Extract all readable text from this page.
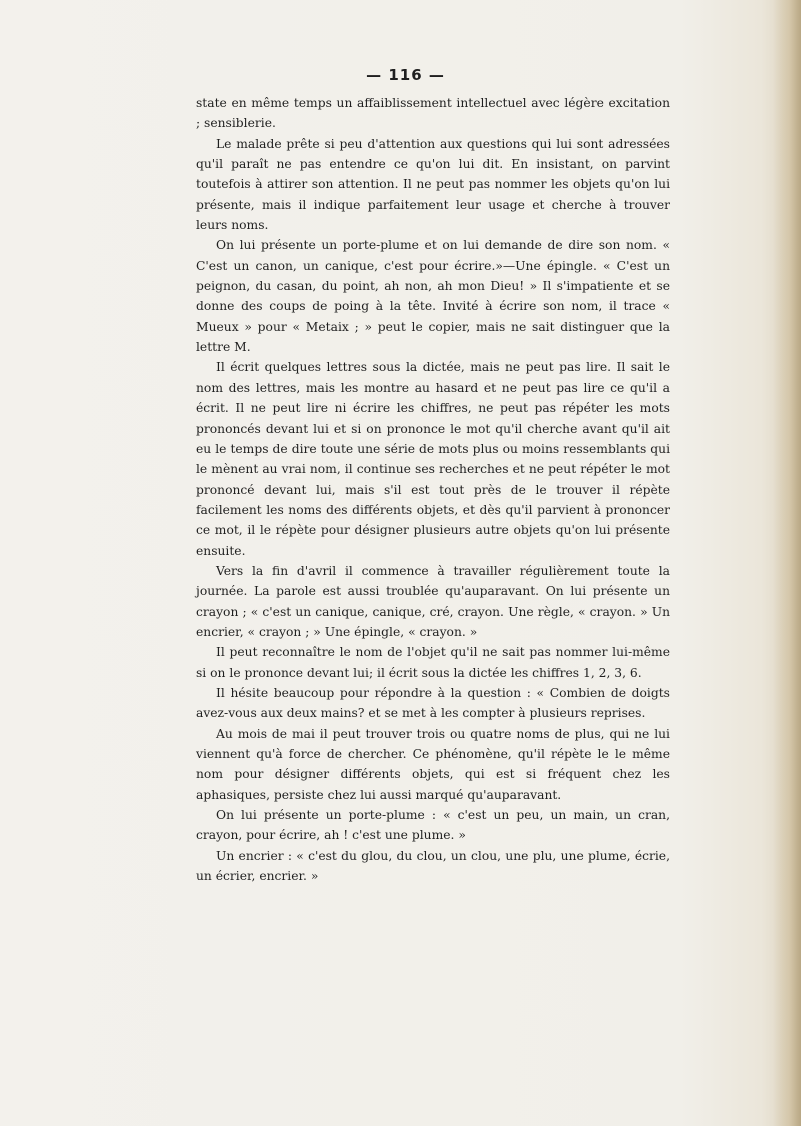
— 116 —

state en même temps un affaiblissement intellectuel avec légère excitation ; sensiblerie.

Le malade prête si peu d'attention aux questions qui lui sont adressées qu'il paraît ne pas entendre ce qu'on lui dit. En insistant, on parvint toutefois à attirer son attention. Il ne peut pas nommer les objets qu'on lui présente, mais il indique parfaitement leur usage et cherche à trouver leurs noms.

On lui présente un porte-plume et on lui demande de dire son nom. « C'est un canon, un canique, c'est pour écrire.»—Une épingle. « C'est un peignon, du casan, du point, ah non, ah mon Dieu! » Il s'impatiente et se donne des coups de poing à la tête. Invité à écrire son nom, il trace « Mueux » pour « Metaix ; » peut le copier, mais ne sait distinguer que la lettre M.

Il écrit quelques lettres sous la dictée, mais ne peut pas lire. Il sait le nom des lettres, mais les montre au hasard et ne peut pas lire ce qu'il a écrit. Il ne peut lire ni écrire les chiffres, ne peut pas répéter les mots prononcés devant lui et si on prononce le mot qu'il cherche avant qu'il ait eu le temps de dire toute une série de mots plus ou moins ressemblants qui le mènent au vrai nom, il continue ses recherches et ne peut répéter le mot prononcé devant lui, mais s'il est tout près de le trouver il répète facilement les noms des différents objets, et dès qu'il parvient à prononcer ce mot, il le répète pour désigner plusieurs autre objets qu'on lui présente ensuite.

Vers la fin d'avril il commence à travailler régulièrement toute la journée. La parole est aussi troublée qu'auparavant. On lui présente un crayon ; « c'est un canique, canique, cré, crayon. Une règle, « crayon. » Un encrier, « crayon ; » Une épingle, « crayon. »

Il peut reconnaître le nom de l'objet qu'il ne sait pas nommer lui-même si on le prononce devant lui; il écrit sous la dictée les chiffres 1, 2, 3, 6.

Il hésite beaucoup pour répondre à la question : « Combien de doigts avez-vous aux deux mains? et se met à les compter à plusieurs reprises.

Au mois de mai il peut trouver trois ou quatre noms de plus, qui ne lui viennent qu'à force de chercher. Ce phénomène, qu'il répète le le même nom pour désigner différents objets, qui est si fréquent chez les aphasiques, persiste chez lui aussi marqué qu'auparavant.

On lui présente un porte-plume : « c'est un peu, un main, un cran, crayon, pour écrire, ah ! c'est une plume. »

Un encrier : « c'est du glou, du clou, un clou, une plu, une plume, écrie, un écrier, encrier. »
